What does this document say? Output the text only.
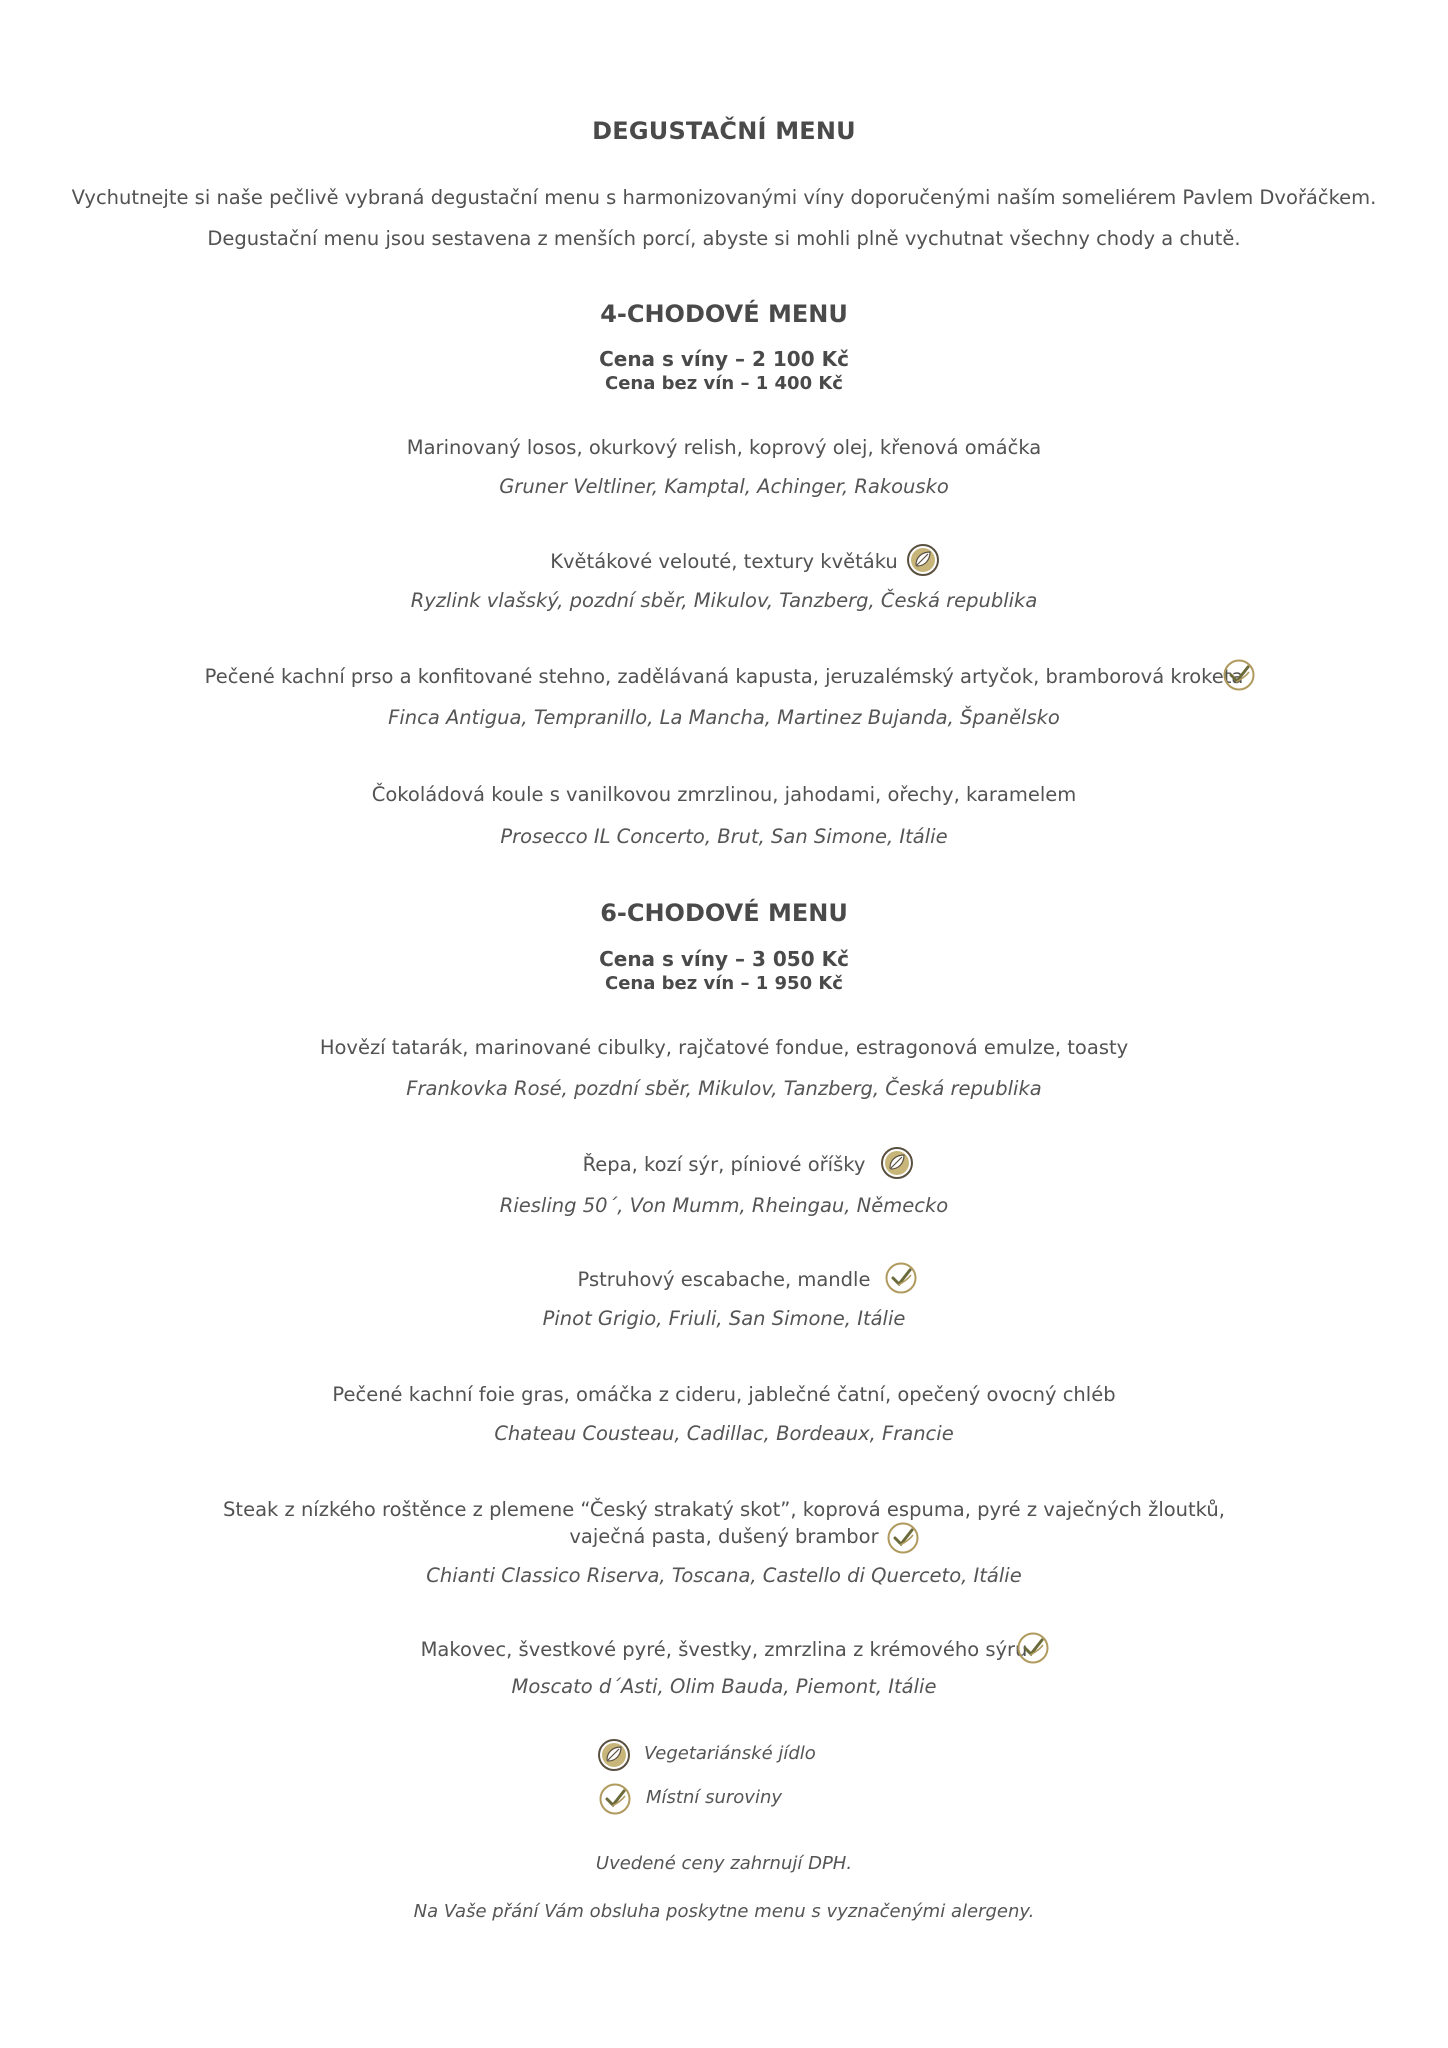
DEGUSTAČNÍ MENU
Vychutnejte si naše pečlivě vybraná degustační menu s harmonizovanými víny doporučenými naším someliérem Pavlem Dvořáčkem.
Degustační menu jsou sestavena z menších porcí, abyste si mohli plně vychutnat všechny chody a chutě.
4-CHODOVÉ MENU
Cena s víny – 2 100 Kč
Cena bez vín – 1 400 Kč
Marinovaný losos, okurkový relish, koprový olej, křenová omáčka
Gruner Veltliner, Kamptal, Achinger, Rakousko
Květákové velouté, textury květáku
Ryzlink vlašský, pozdní sběr, Mikulov, Tanzberg, Česká republika
Pečené kachní prso a konfitované stehno, zadělávaná kapusta, jeruzalémský artyčok, bramborová kroketa
Finca Antigua, Tempranillo, La Mancha, Martinez Bujanda, Španělsko
Čokoládová koule s vanilkovou zmrzlinou, jahodami, ořechy, karamelem
Prosecco IL Concerto, Brut, San Simone, Itálie
6-CHODOVÉ MENU
Cena s víny – 3 050 Kč
Cena bez vín – 1 950 Kč
Hovězí tatarák, marinované cibulky, rajčatové fondue, estragonová emulze, toasty
Frankovka Rosé, pozdní sběr, Mikulov, Tanzberg, Česká republika
Řepa, kozí sýr, píniové oříšky
Riesling 50´, Von Mumm, Rheingau, Německo
Pstruhový escabache, mandle
Pinot Grigio, Friuli, San Simone, Itálie
Pečené kachní foie gras, omáčka z cideru, jablečné čatní, opečený ovocný chléb
Chateau Cousteau, Cadillac, Bordeaux, Francie
Steak z nízkého roštěnce z plemene “Český strakatý skot”, koprová espuma, pyré z vaječných žloutků,
vaječná pasta, dušený brambor
Chianti Classico Riserva, Toscana, Castello di Querceto, Itálie
Makovec, švestkové pyré, švestky, zmrzlina z krémového sýru
Moscato d´Asti, Olim Bauda, Piemont, Itálie
Vegetariánské jídlo
Místní suroviny
Uvedené ceny zahrnují DPH.
Na Vaše přání Vám obsluha poskytne menu s vyznačenými alergeny.
